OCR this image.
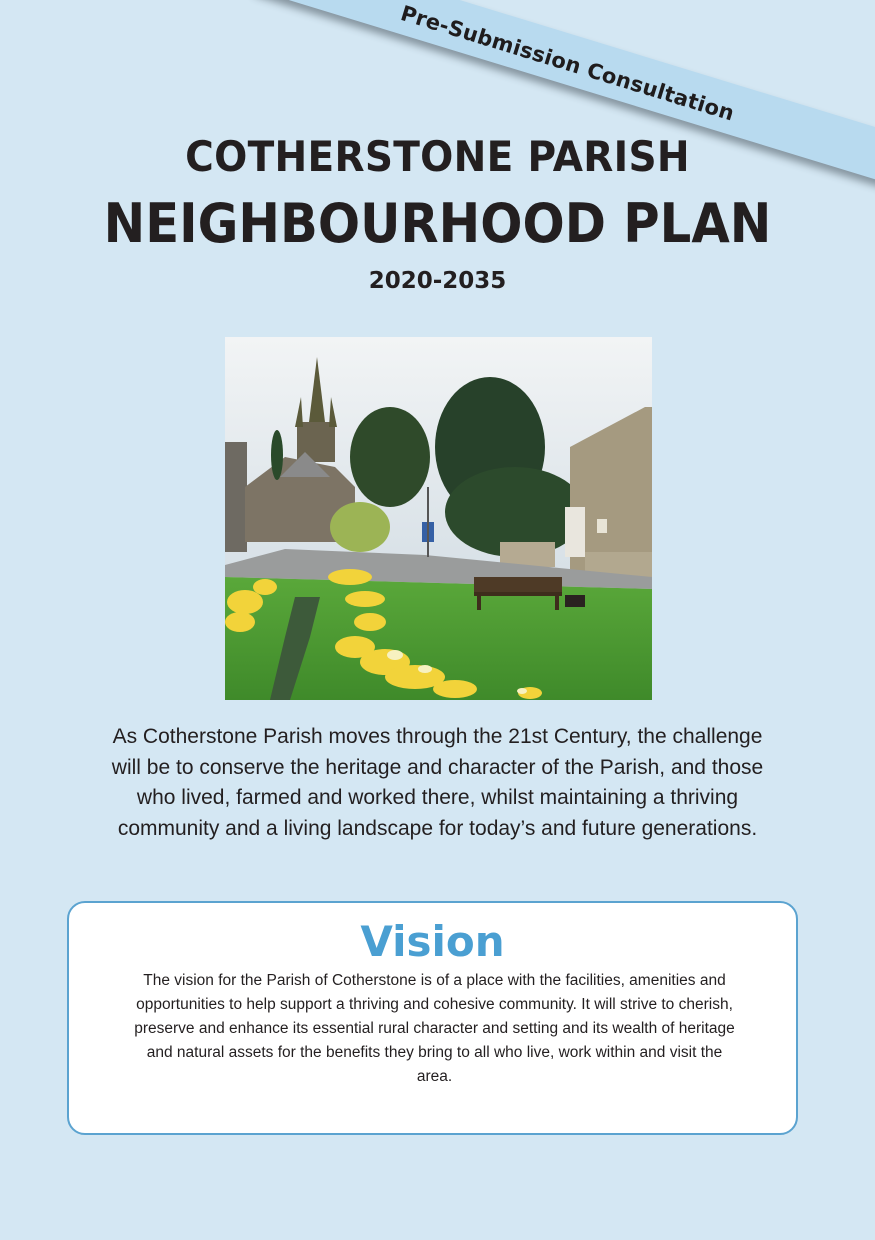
Pre-Submission Consultation
COTHERSTONE PARISH
NEIGHBOURHOOD PLAN
2020-2035
As Cotherstone Parish moves through the 21st Century, the challenge will be to conserve the heritage and character of the Parish, and those who lived, farmed and worked there, whilst maintaining a thriving community and a living landscape for today’s and future generations.
Vision
The vision for the Parish of Cotherstone is of a place with the facilities, amenities and opportunities to help support a thriving and cohesive community. It will strive to cherish, preserve and enhance its essential rural character and setting and its wealth of heritage and natural assets for the benefits they bring to all who live, work within and visit the area.
